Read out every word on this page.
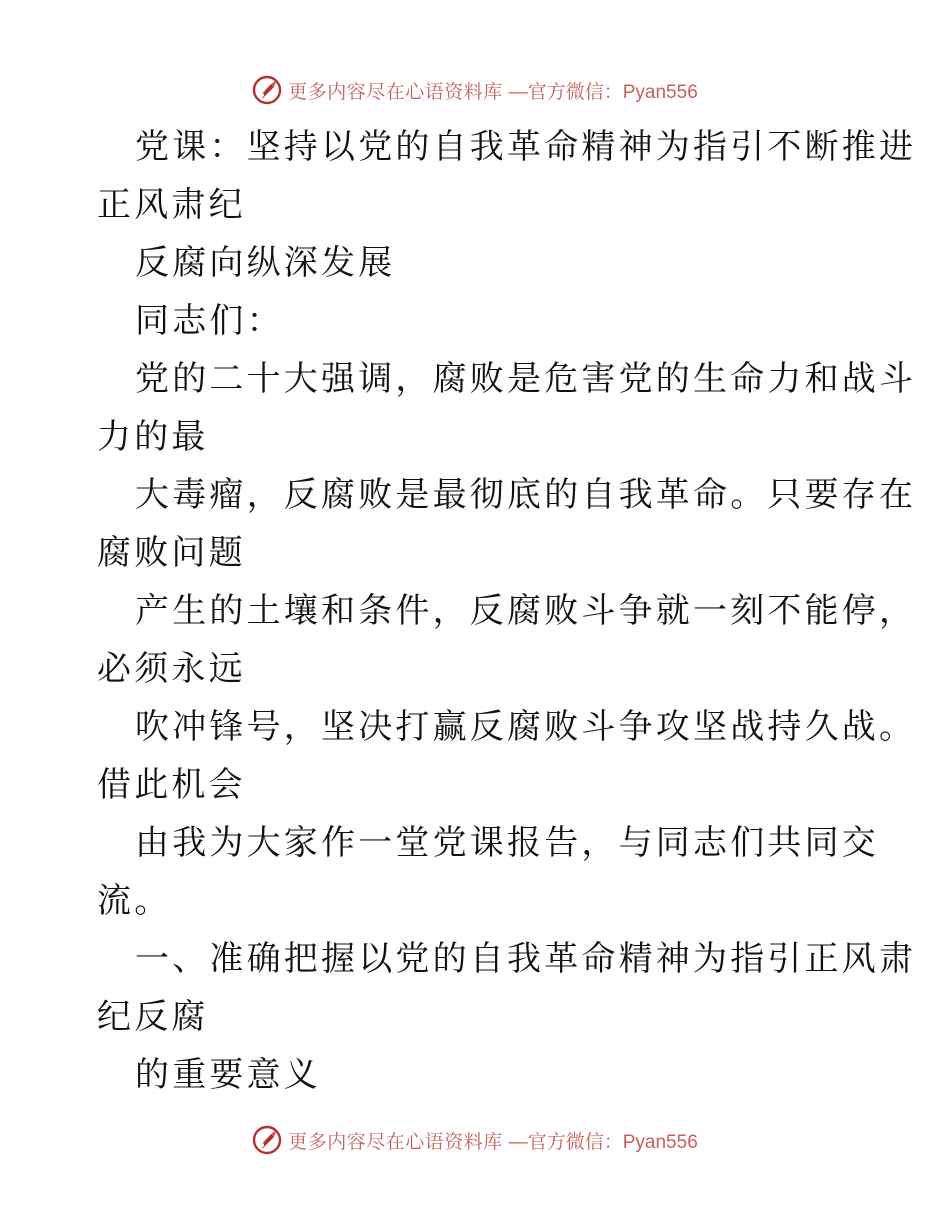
更多内容尽在心语资料库 —官方微信：Pyan556
党课：坚持以党的自我革命精神为指引不断推进
正风肃纪
反腐向纵深发展
同志们：
党的二十大强调，腐败是危害党的生命力和战斗
力的最
大毒瘤，反腐败是最彻底的自我革命。只要存在
腐败问题
产生的土壤和条件，反腐败斗争就一刻不能停，
必须永远
吹冲锋号，坚决打赢反腐败斗争攻坚战持久战。
借此机会
由我为大家作一堂党课报告，与同志们共同交
流。
一、准确把握以党的自我革命精神为指引正风肃
纪反腐
的重要意义
更多内容尽在心语资料库 —官方微信：Pyan556
